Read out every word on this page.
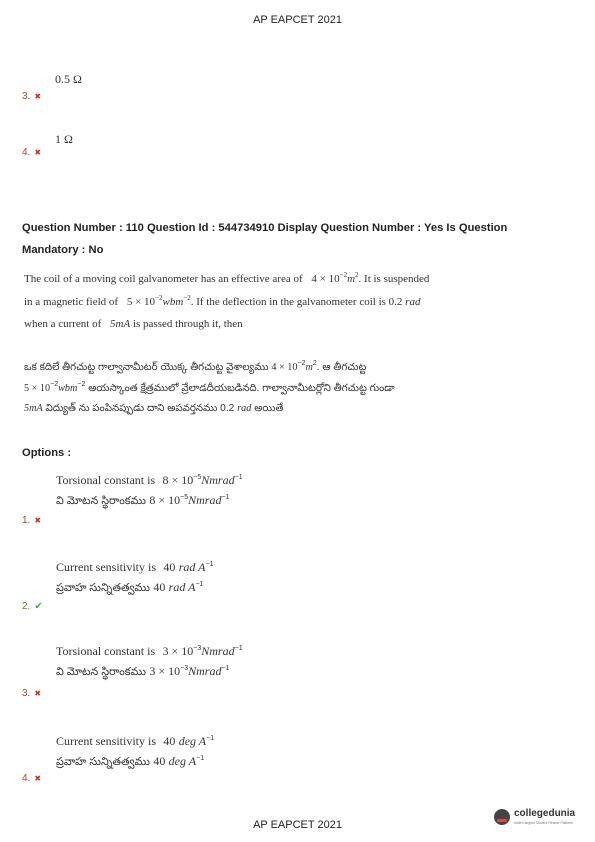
AP EAPCET 2021
0.5 Ω
3. ✖
1 Ω
4. ✖
Question Number : 110 Question Id : 544734910 Display Question Number : Yes Is Question
Mandatory : No
The coil of a moving coil galvanometer has an effective area of $4 \times 10^{-2}m^2$. It is suspended
in a magnetic field of $5 \times 10^{-2}wbm^{-2}$. If the deflection in the galvanometer coil is 0.2 rad
when a current of 5mA is passed through it, then
ఒక కదిలే తీగచుట్ట గాల్వానామీటర్ యొక్క తీగచుట్ట వైశాల్యము $4 \times 10^{-2}m^2$. ఆ తీగచుట్ట
$5 \times 10^{-2}wbm^{-2}$ అయస్కాంత క్షేత్రములో వ్రేలాడదీయబడినది. గాల్వానామీటర్లోని తీగచుట్ట గుండా
5mA విద్యుత్ ను పంపినప్పుడు దాని అపవర్తనము 0.2 rad అయితే
Options :
Torsional constant is $8 \times 10^{-5}Nmrad^{-1}$
వి మోటన స్థిరాంకము $8 \times 10^{-5}Nmrad^{-1}$
1. ✖
Current sensitivity is 40 rad $A^{-1}$
ప్రవాహ సున్నితత్వము 40 rad $A^{-1}$
2. ✔
Torsional constant is $3 \times 10^{-3}Nmrad^{-1}$
వి మోటన స్థిరాంకము $3 \times 10^{-3}Nmrad^{-1}$
3. ✖
Current sensitivity is 40 deg $A^{-1}$
ప్రవాహ సున్నితత్వము 40 deg $A^{-1}$
4. ✖
AP EAPCET 2021
collegedunia
India's largest Student Review Platform
